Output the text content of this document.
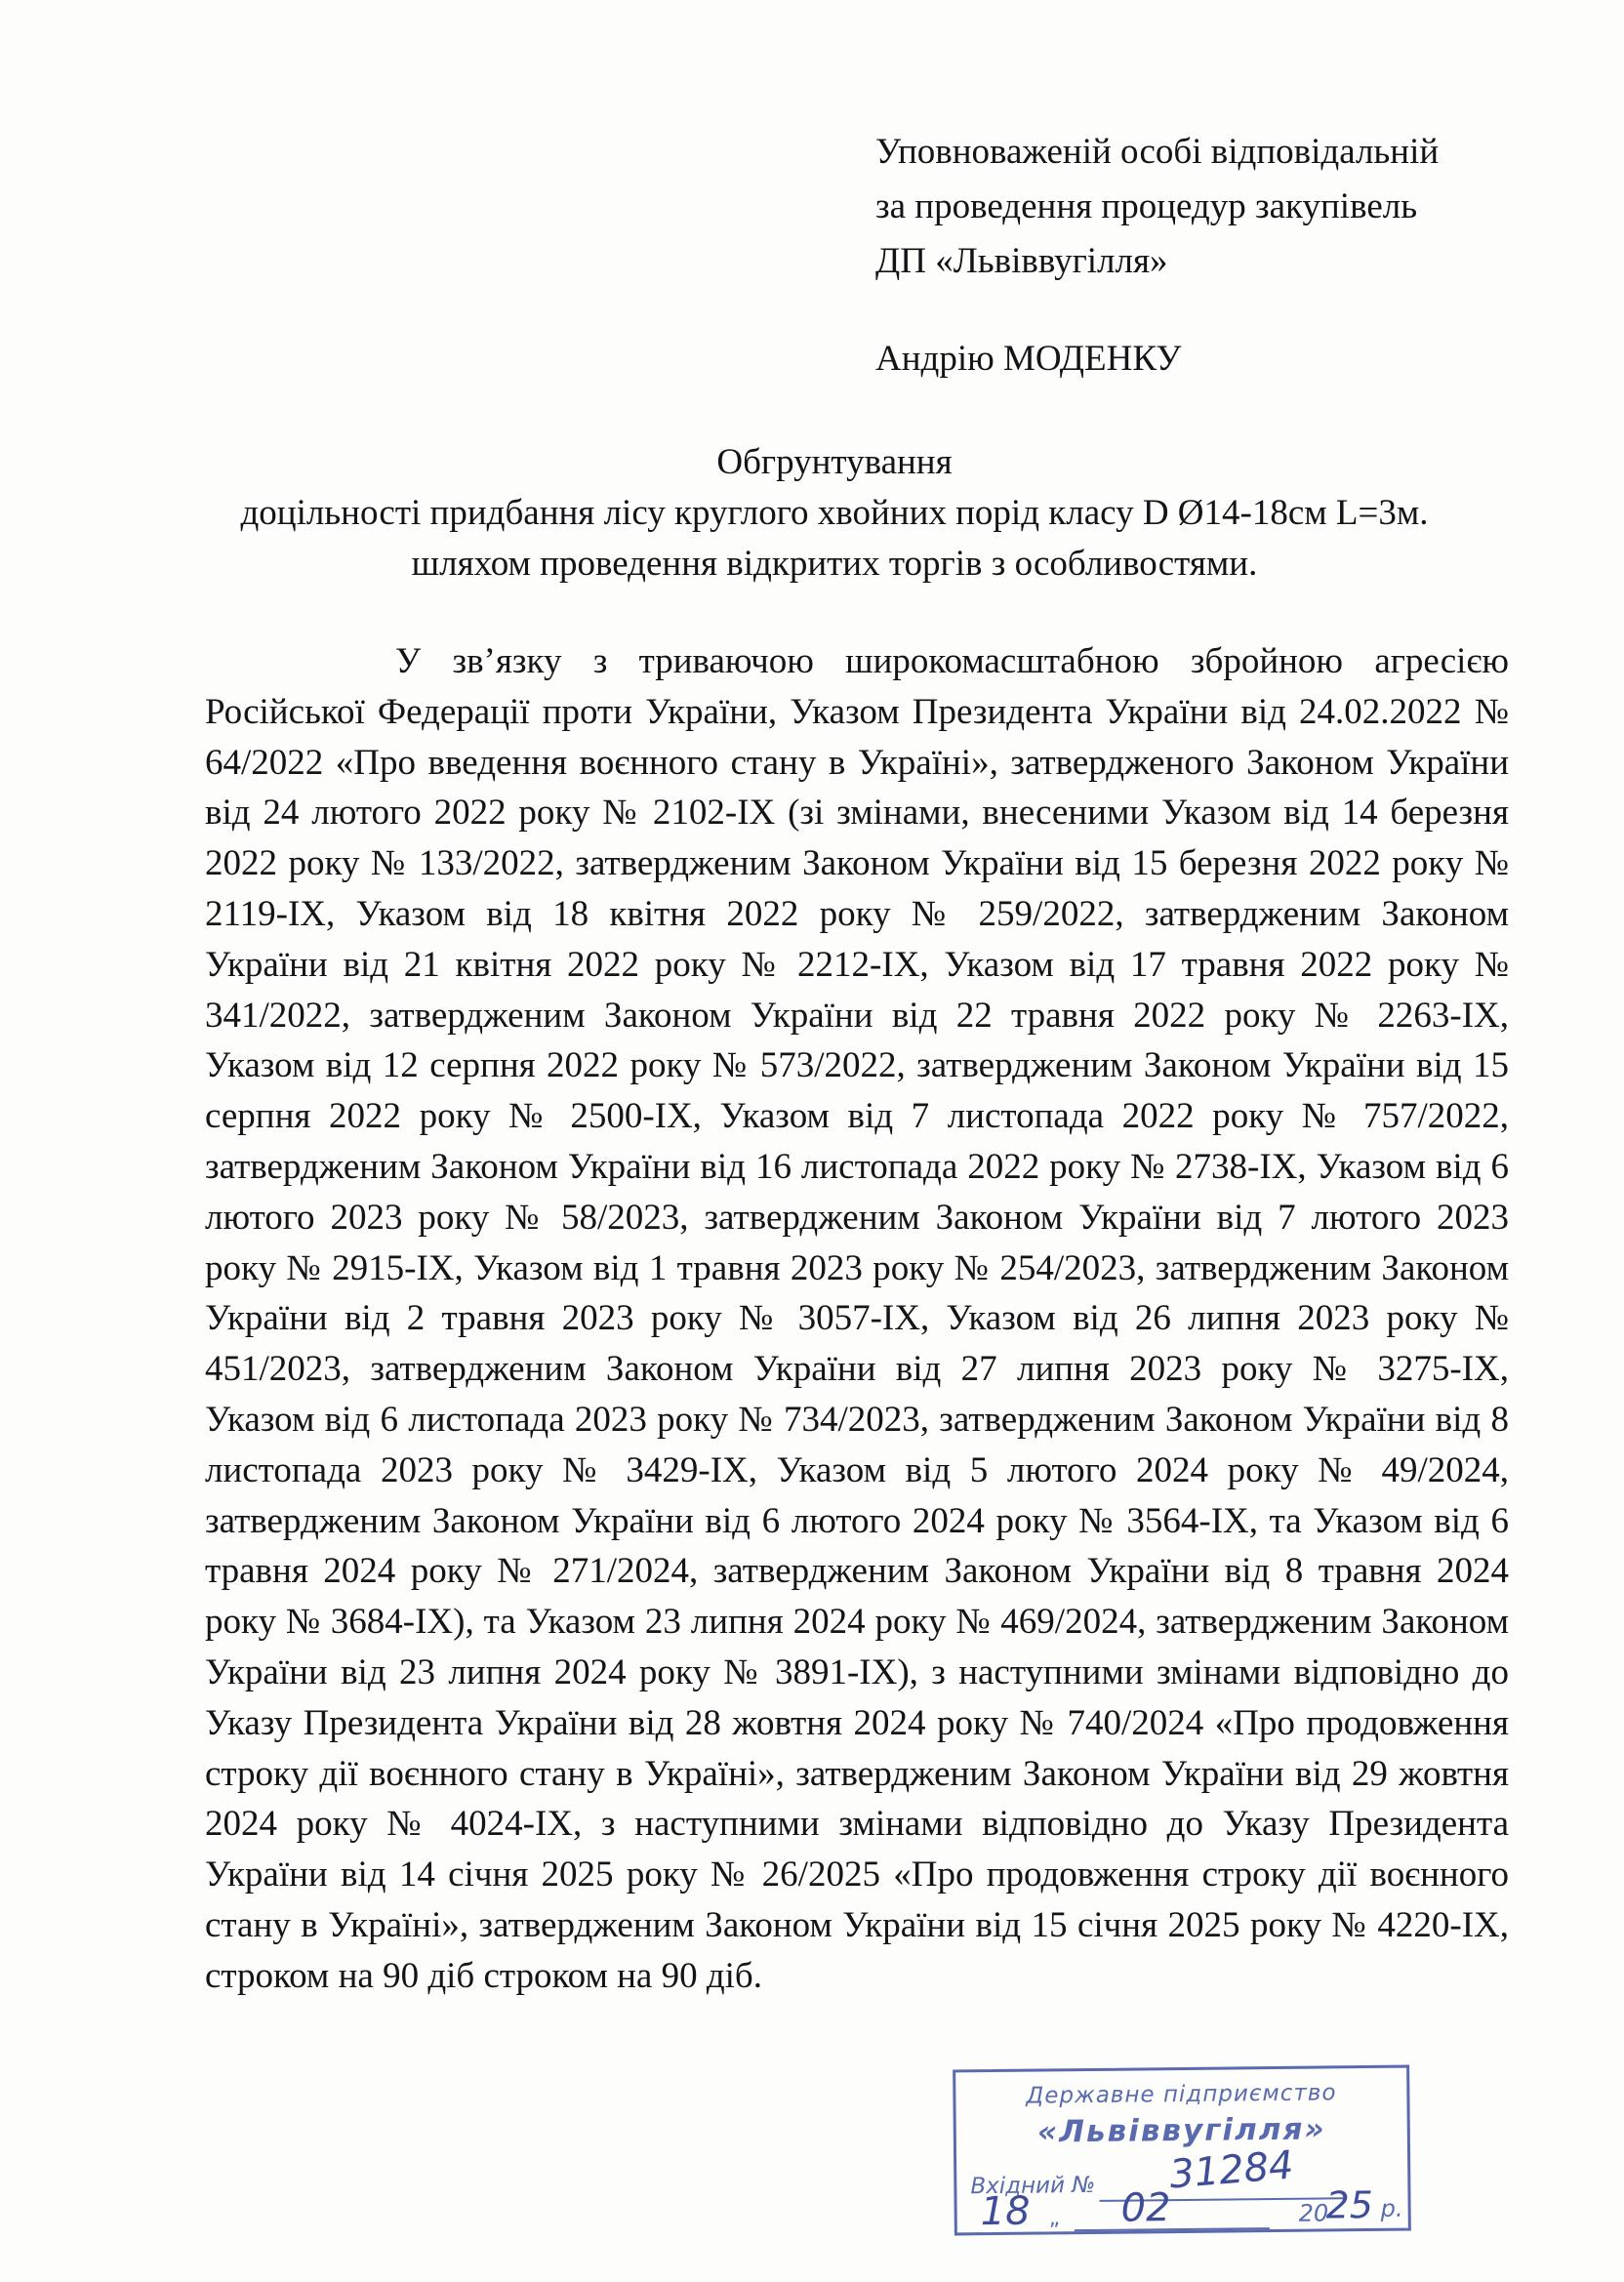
Уповноваженій особі відповідальній
за проведення процедур закупівель
ДП «Львіввугілля»
Андрію МОДЕНКУ
Обгрунтування
доцільності придбання лісу круглого хвойних порід класу D Ø14-18см L=3м.
шляхом проведення відкритих торгів з особливостями.

У зв’язку з триваючою широкомасштабною збройною агресією Російської Федерації проти України, Указом Президента України від 24.02.2022 № 64/2022 «Про введення воєнного стану в Україні», затвердженого Законом України від 24 лютого 2022 року № 2102-IX (зі змінами, внесеними Указом від 14 березня 2022 року № 133/2022, затвердженим Законом України від 15 березня 2022 року № 2119-IX, Указом від 18 квітня 2022 року № 259/2022, затвердженим Законом України від 21 квітня 2022 року № 2212-IX, Указом від 17 травня 2022 року № 341/2022, затвердженим Законом України від 22 травня 2022 року № 2263-IX, Указом від 12 серпня 2022 року № 573/2022, затвердженим Законом України від 15 серпня 2022 року № 2500-IX, Указом від 7 листопада 2022 року № 757/2022, затвердженим Законом України від 16 листопада 2022 року № 2738-IX, Указом від 6 лютого 2023 року № 58/2023, затвердженим Законом України від 7 лютого 2023 року № 2915-IX, Указом від 1 травня 2023 року № 254/2023, затвердженим Законом України від 2 травня 2023 року № 3057-IX, Указом від 26 липня 2023 року № 451/2023, затвердженим Законом України від 27 липня 2023 року № 3275-IX, Указом від 6 листопада 2023 року № 734/2023, затвердженим Законом України від 8 листопада 2023 року № 3429-IX, Указом від 5 лютого 2024 року № 49/2024, затвердженим Законом України від 6 лютого 2024 року № 3564-IX, та Указом від 6 травня 2024 року № 271/2024, затвердженим Законом України від 8 травня 2024 року № 3684-IX), та Указом 23 липня 2024 року № 469/2024, затвердженим Законом України від 23 липня 2024 року № 3891-IX), з наступними змінами відповідно до Указу Президента України від 28 жовтня 2024 року № 740/2024 «Про продовження строку дії воєнного стану в Україні», затвердженим Законом України від 29 жовтня 2024 року № 4024-IX, з наступними змінами відповідно до Указу Президента України від 14 січня 2025 року № 26/2025 «Про продовження строку дії воєнного стану в Україні», затвердженим Законом України від 15 січня 2025 року № 4220-IX, строком на 90 діб строком на 90 діб.

Державне підприємство
«Львіввугілля»
Вхідний № 31284
18 „ 02	20
25 р.
